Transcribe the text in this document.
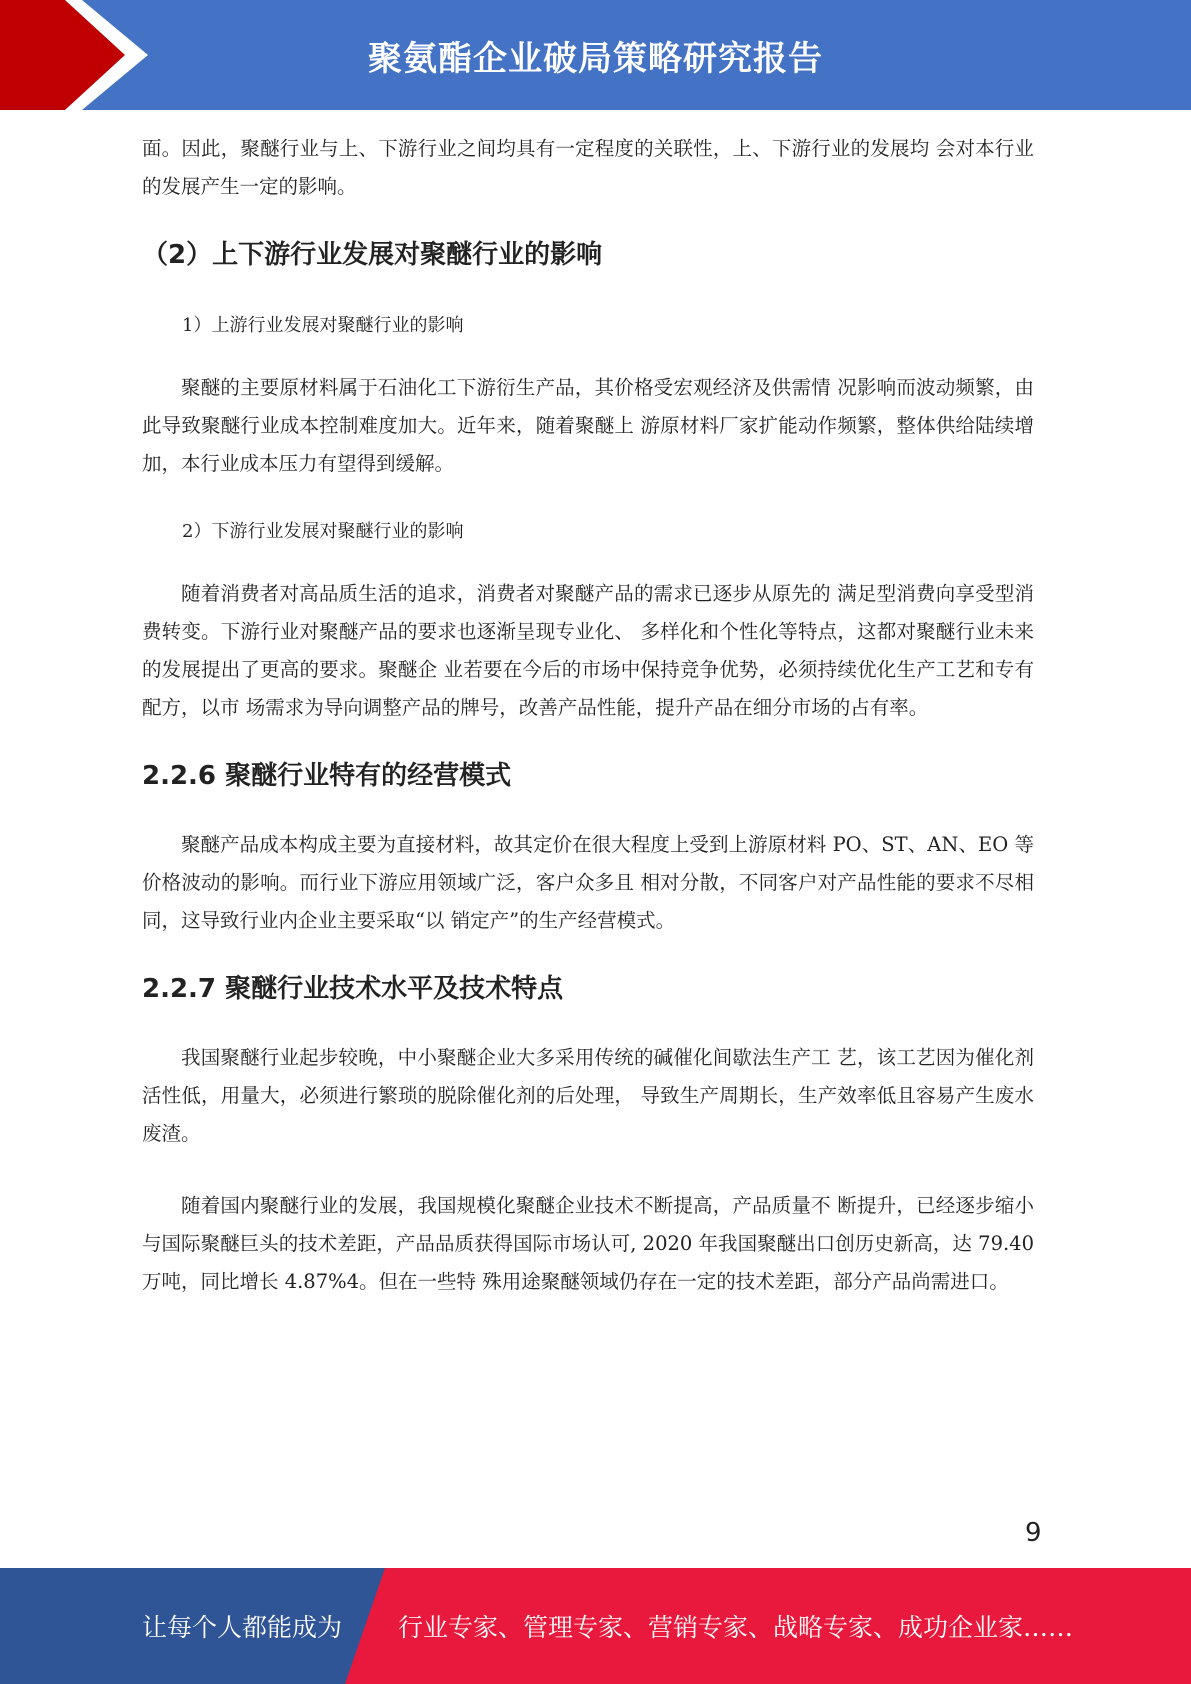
聚氨酯企业破局策略研究报告

面。因此，聚醚行业与上、下游行业之间均具有一定程度的关联性，上、下游行业的发展均 会对本行业的发展产生一定的影响。

（2）上下游行业发展对聚醚行业的影响

1）上游行业发展对聚醚行业的影响

聚醚的主要原材料属于石油化工下游衍生产品，其价格受宏观经济及供需情 况影响而波动频繁，由此导致聚醚行业成本控制难度加大。近年来，随着聚醚上 游原材料厂家扩能动作频繁，整体供给陆续增加，本行业成本压力有望得到缓解。

2）下游行业发展对聚醚行业的影响

随着消费者对高品质生活的追求，消费者对聚醚产品的需求已逐步从原先的 满足型消费向享受型消费转变。下游行业对聚醚产品的要求也逐渐呈现专业化、 多样化和个性化等特点，这都对聚醚行业未来的发展提出了更高的要求。聚醚企 业若要在今后的市场中保持竞争优势，必须持续优化生产工艺和专有配方，以市 场需求为导向调整产品的牌号，改善产品性能，提升产品在细分市场的占有率。

2.2.6 聚醚行业特有的经营模式

聚醚产品成本构成主要为直接材料，故其定价在很大程度上受到上游原材料 PO、ST、AN、EO 等价格波动的影响。而行业下游应用领域广泛，客户众多且 相对分散，不同客户对产品性能的要求不尽相同，这导致行业内企业主要采取“以 销定产”的生产经营模式。

2.2.7 聚醚行业技术水平及技术特点

我国聚醚行业起步较晚，中小聚醚企业大多采用传统的碱催化间歇法生产工 艺，该工艺因为催化剂活性低，用量大，必须进行繁琐的脱除催化剂的后处理， 导致生产周期长，生产效率低且容易产生废水废渣。

随着国内聚醚行业的发展，我国规模化聚醚企业技术不断提高，产品质量不 断提升，已经逐步缩小与国际聚醚巨头的技术差距，产品品质获得国际市场认可, 2020 年我国聚醚出口创历史新高，达 79.40 万吨，同比增长 4.87%4。但在一些特 殊用途聚醚领域仍存在一定的技术差距，部分产品尚需进口。

9
让每个人都能成为 行业专家、管理专家、营销专家、战略专家、成功企业家……
